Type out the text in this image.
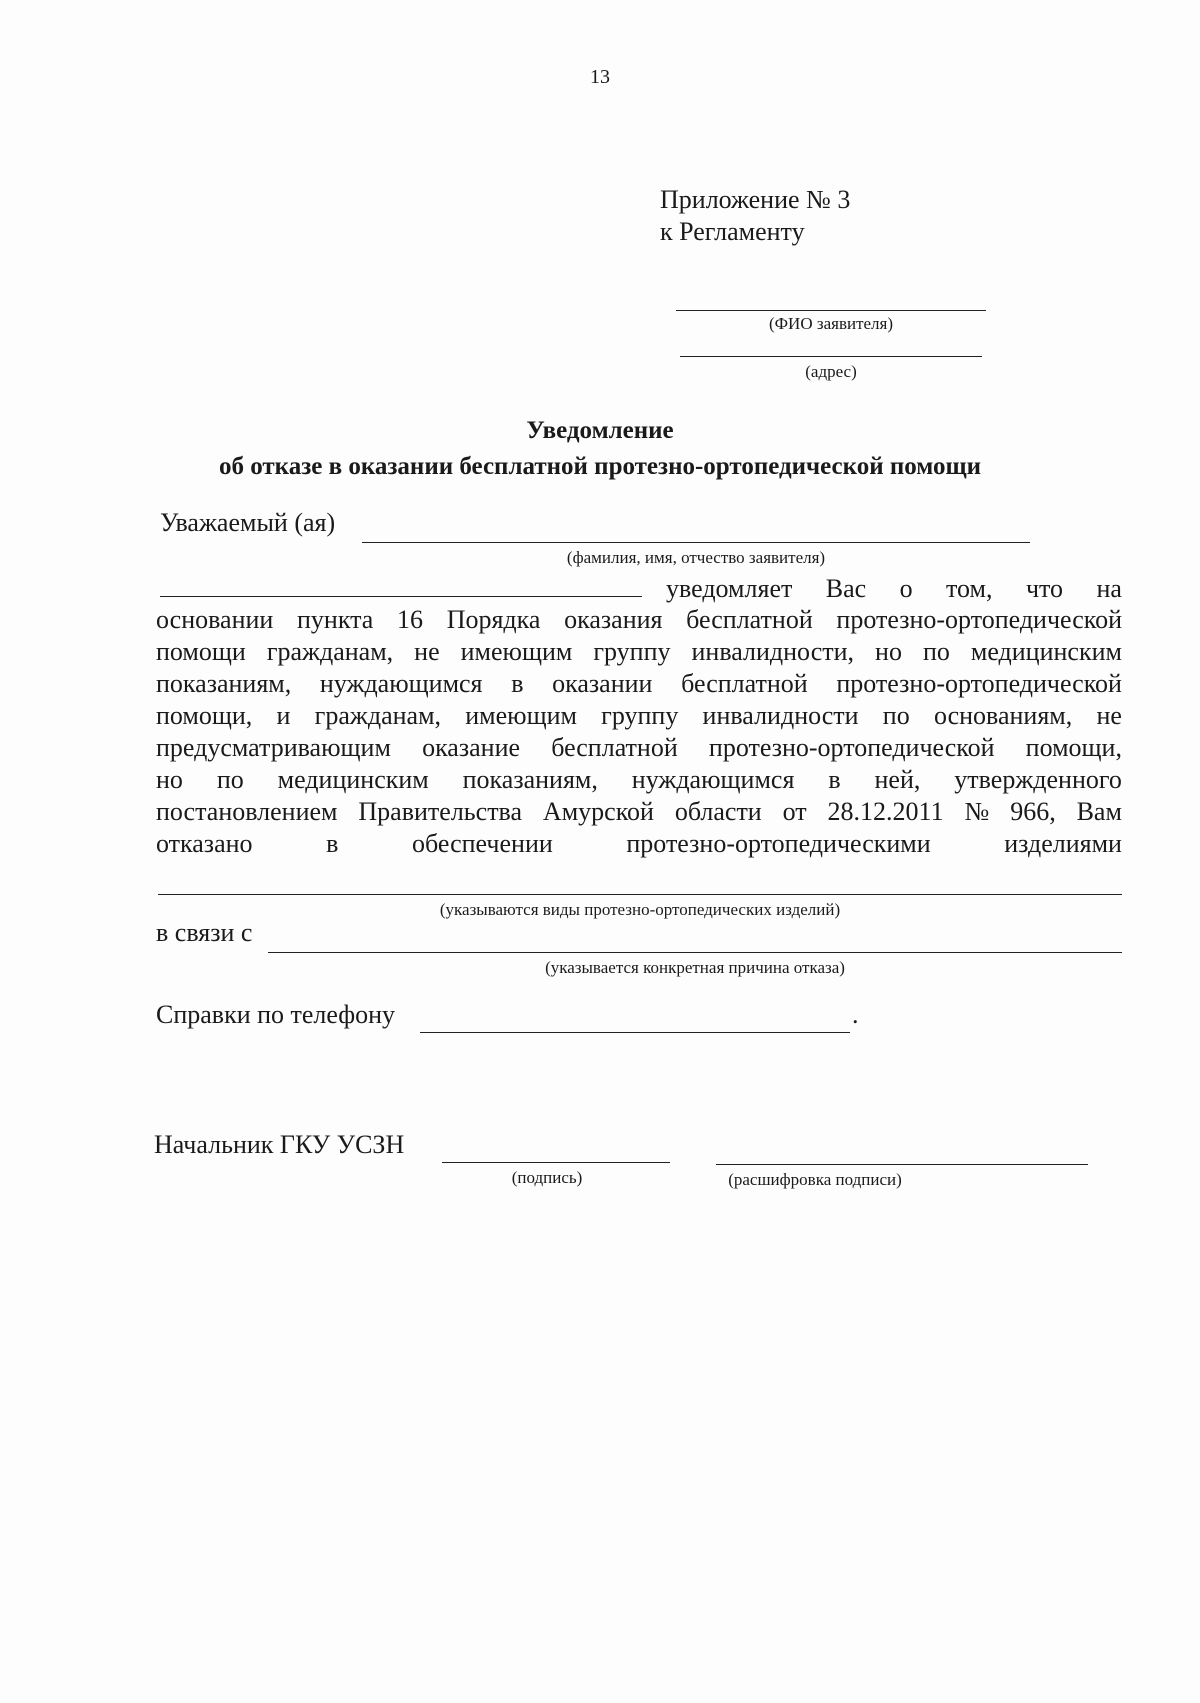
13
Приложение № 3
к Регламенту
(ФИО заявителя)
(адрес)
Уведомление
об отказе в оказании бесплатной протезно-ортопедической помощи
Уважаемый (ая)
(фамилия, имя, отчество заявителя)
уведомляет Вас о том, что на
основании пункта 16 Порядка оказания бесплатной протезно-ортопедической
помощи гражданам, не имеющим группу инвалидности, но по медицинским
показаниям, нуждающимся в оказании бесплатной протезно-ортопедической
помощи, и гражданам, имеющим группу инвалидности по основаниям, не
предусматривающим оказание бесплатной протезно-ортопедической помощи,
но по медицинским показаниям, нуждающимся в ней, утвержденного
постановлением Правительства Амурской области от 28.12.2011 № 966, Вам
отказано	в	обеспечении	протезно-ортопедическими	изделиями
(указываются виды протезно-ортопедических изделий)
в связи с
(указывается конкретная причина отказа)
Справки по телефону	.
Начальник ГКУ УСЗН
(подпись)	(расшифровка подписи)
